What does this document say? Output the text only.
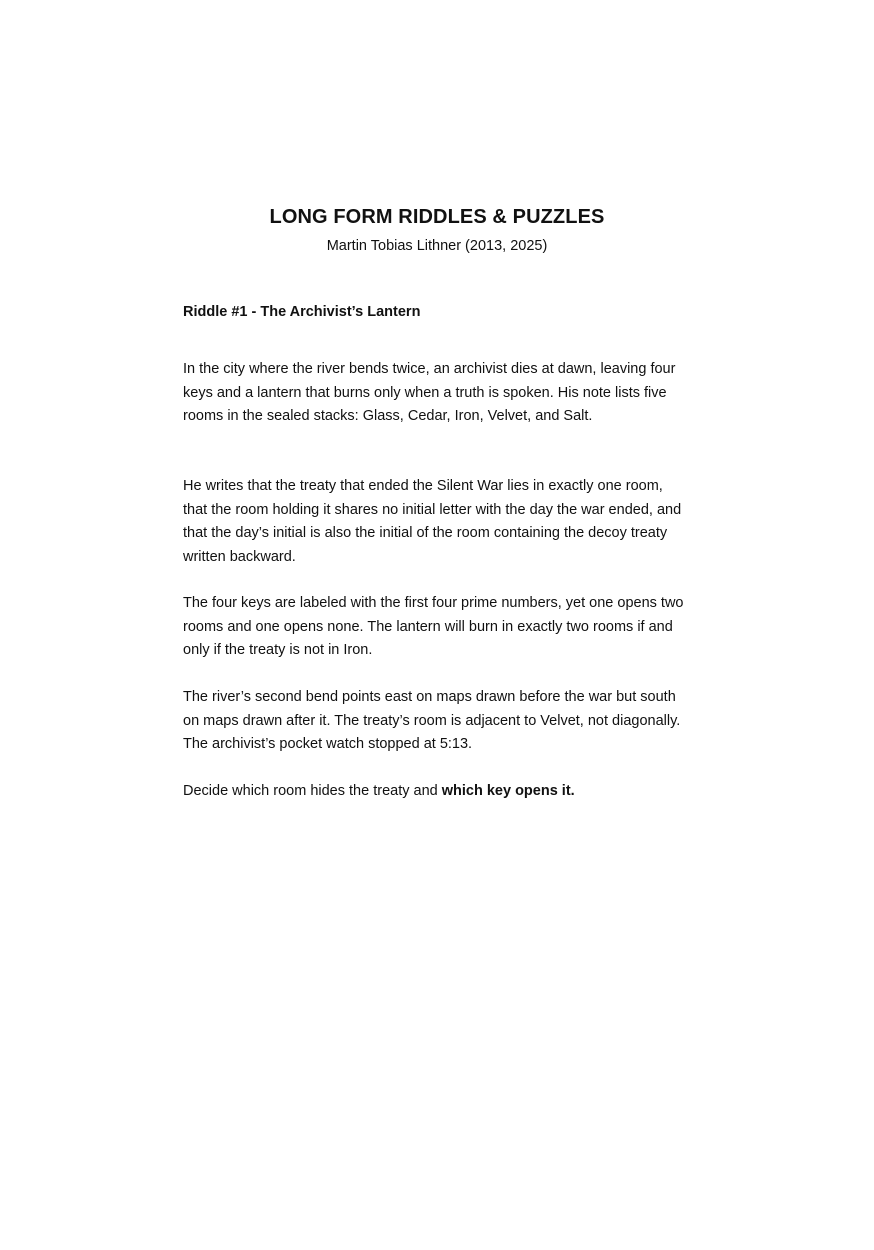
LONG FORM RIDDLES & PUZZLES

Martin Tobias Lithner (2013, 2025)

Riddle #1 - The Archivist’s Lantern

In the city where the river bends twice, an archivist dies at dawn, leaving four keys and a lantern that burns only when a truth is spoken. His note lists five rooms in the sealed stacks: Glass, Cedar, Iron, Velvet, and Salt.

He writes that the treaty that ended the Silent War lies in exactly one room, that the room holding it shares no initial letter with the day the war ended, and that the day’s initial is also the initial of the room containing the decoy treaty written backward.

The four keys are labeled with the first four prime numbers, yet one opens two rooms and one opens none. The lantern will burn in exactly two rooms if and only if the treaty is not in Iron.

The river’s second bend points east on maps drawn before the war but south on maps drawn after it. The treaty’s room is adjacent to Velvet, not diagonally. The archivist’s pocket watch stopped at 5:13.

Decide which room hides the treaty and which key opens it.
